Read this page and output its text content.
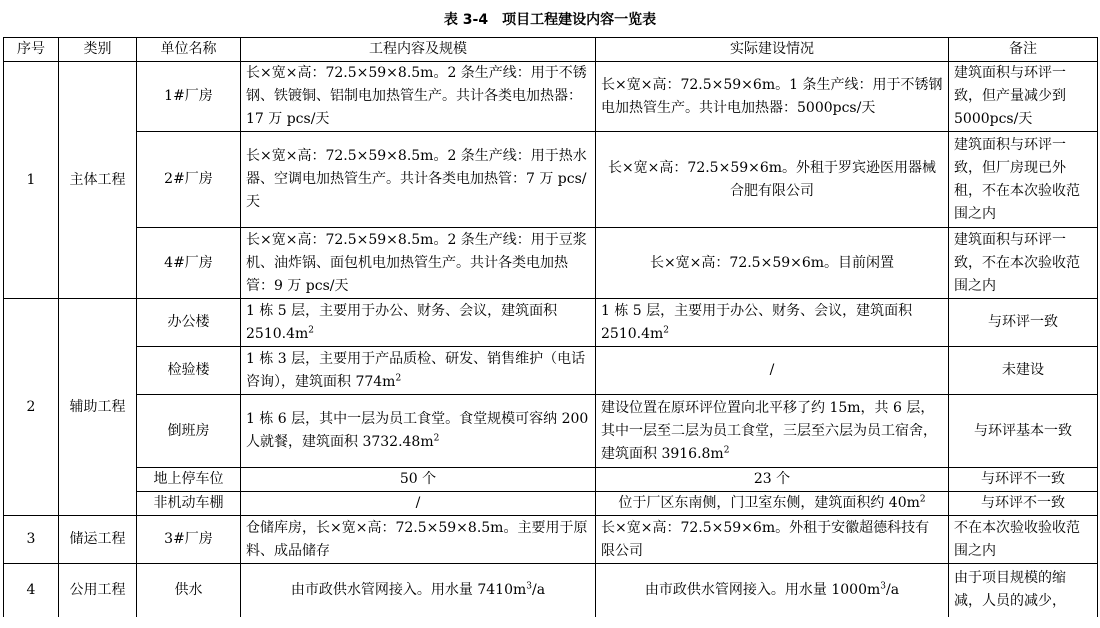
表 3-4 项目工程建设内容一览表
序号	类别	单位名称	工程内容及规模	实际建设情况	备注
1	主体工程	1#厂房	长×宽×高：72.5×59×8.5m。2 条生产线：用于不锈钢、铁镀铜、铝制电加热管生产。共计各类电加热器：17 万 pcs/天	长×宽×高：72.5×59×6m。1 条生产线：用于不锈钢电加热管生产。共计电加热器：5000pcs/天	建筑面积与环评一致，但产量减少到 5000pcs/天
		2#厂房	长×宽×高：72.5×59×8.5m。2 条生产线：用于热水器、空调电加热管生产。共计各类电加热管：7 万 pcs/天	长×宽×高：72.5×59×6m。外租于罗宾逊医用器械合肥有限公司	建筑面积与环评一致，但厂房现已外租，不在本次验收范围之内
		4#厂房	长×宽×高：72.5×59×8.5m。2 条生产线：用于豆浆机、油炸锅、面包机电加热管生产。共计各类电加热管：9 万 pcs/天	长×宽×高：72.5×59×6m。目前闲置	建筑面积与环评一致，不在本次验收范围之内
2	辅助工程	办公楼	1 栋 5 层，主要用于办公、财务、会议，建筑面积 $2510.4m^2$	1 栋 5 层，主要用于办公、财务、会议，建筑面积 $2510.4m^2$	与环评一致
		检验楼	1 栋 3 层，主要用于产品质检、研发、销售维护（电话咨询），建筑面积 $774m^2$	/	未建设
		倒班房	1 栋 6 层，其中一层为员工食堂。食堂规模可容纳 200 人就餐，建筑面积 $3732.48m^2$	建设位置在原环评位置向北平移了约 15m，共 6 层，其中一层至二层为员工食堂，三层至六层为员工宿舍，建筑面积 $3916.8m^2$	与环评基本一致
		地上停车位	50 个	23 个	与环评不一致
		非机动车棚	/	位于厂区东南侧，门卫室东侧，建筑面积约 $40m^2$	与环评不一致
3	储运工程	3#厂房	仓储库房，长×宽×高：72.5×59×8.5m。主要用于原料、成品储存	长×宽×高：72.5×59×6m。外租于安徽超德科技有限公司	不在本次验收验收范围之内
4	公用工程	供水	由市政供水管网接入。用水量 $7410m^3/a$	由市政供水管网接入。用水量 $1000m^3/a$	由于项目规模的缩减，人员的减少，
